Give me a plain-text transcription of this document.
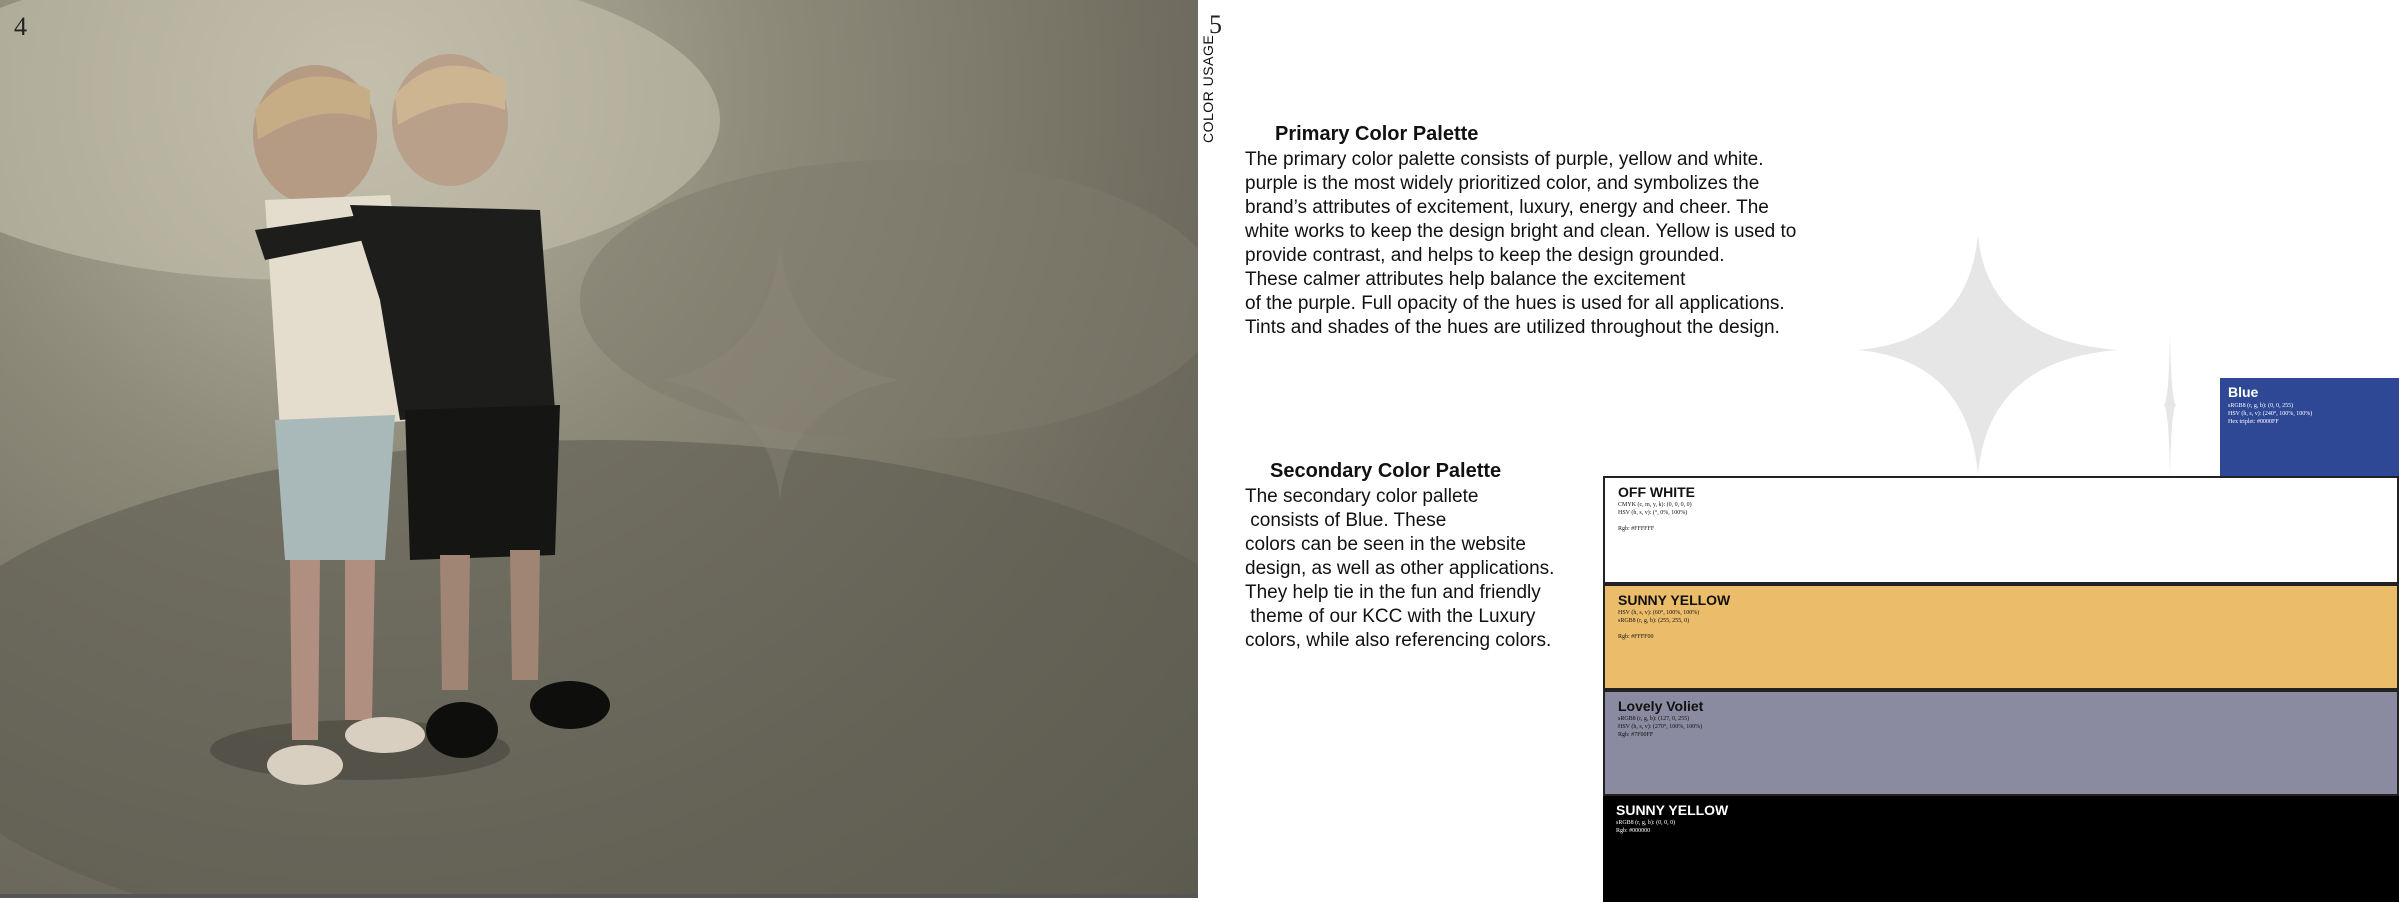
4	5
COLOR USAGE	Primary Color Palette
The primary color palette consists of purple, yellow and white.
purple is the most widely prioritized color, and symbolizes the
brand’s attributes of excitement, luxury, energy and cheer. The
white works to keep the design bright and clean. Yellow is used to
provide contrast, and helps to keep the design grounded.
These calmer attributes help balance the excitement
of the purple. Full opacity of the hues is used for all applications.
Tints and shades of the hues are utilized throughout the design.
Secondary Color Palette
The secondary color pallete
consists of Blue. These
colors can be seen in the website
design, as well as other applications.
They help tie in the fun and friendly
theme of our KCC with the Luxury
colors, while also referencing colors.
Blue
sRGB8 (r, g, b): (0, 0, 255)
HSV (h, s, v): (240°, 100%, 100%)
Hex triplet: #0000FF
OFF WHITE
CMYK (c, m, y, k): (0, 0, 0, 0)
HSV (h, s, v): (°, 0%, 100%)
Rgb: #FFFFFF
SUNNY YELLOW
HSV (h, s, v): (60°, 100%, 100%)
sRGB8 (r, g, b): (255, 255, 0)
Rgb: #FFFF00
Lovely Voliet
sRGB8 (r, g, b): (127, 0, 255)
HSV (h, s, v): (270°, 100%, 100%)
Rgb: #7F00FF
SUNNY YELLOW
sRGB8 (r, g, b): (0, 0, 0)
Rgb: #000000
